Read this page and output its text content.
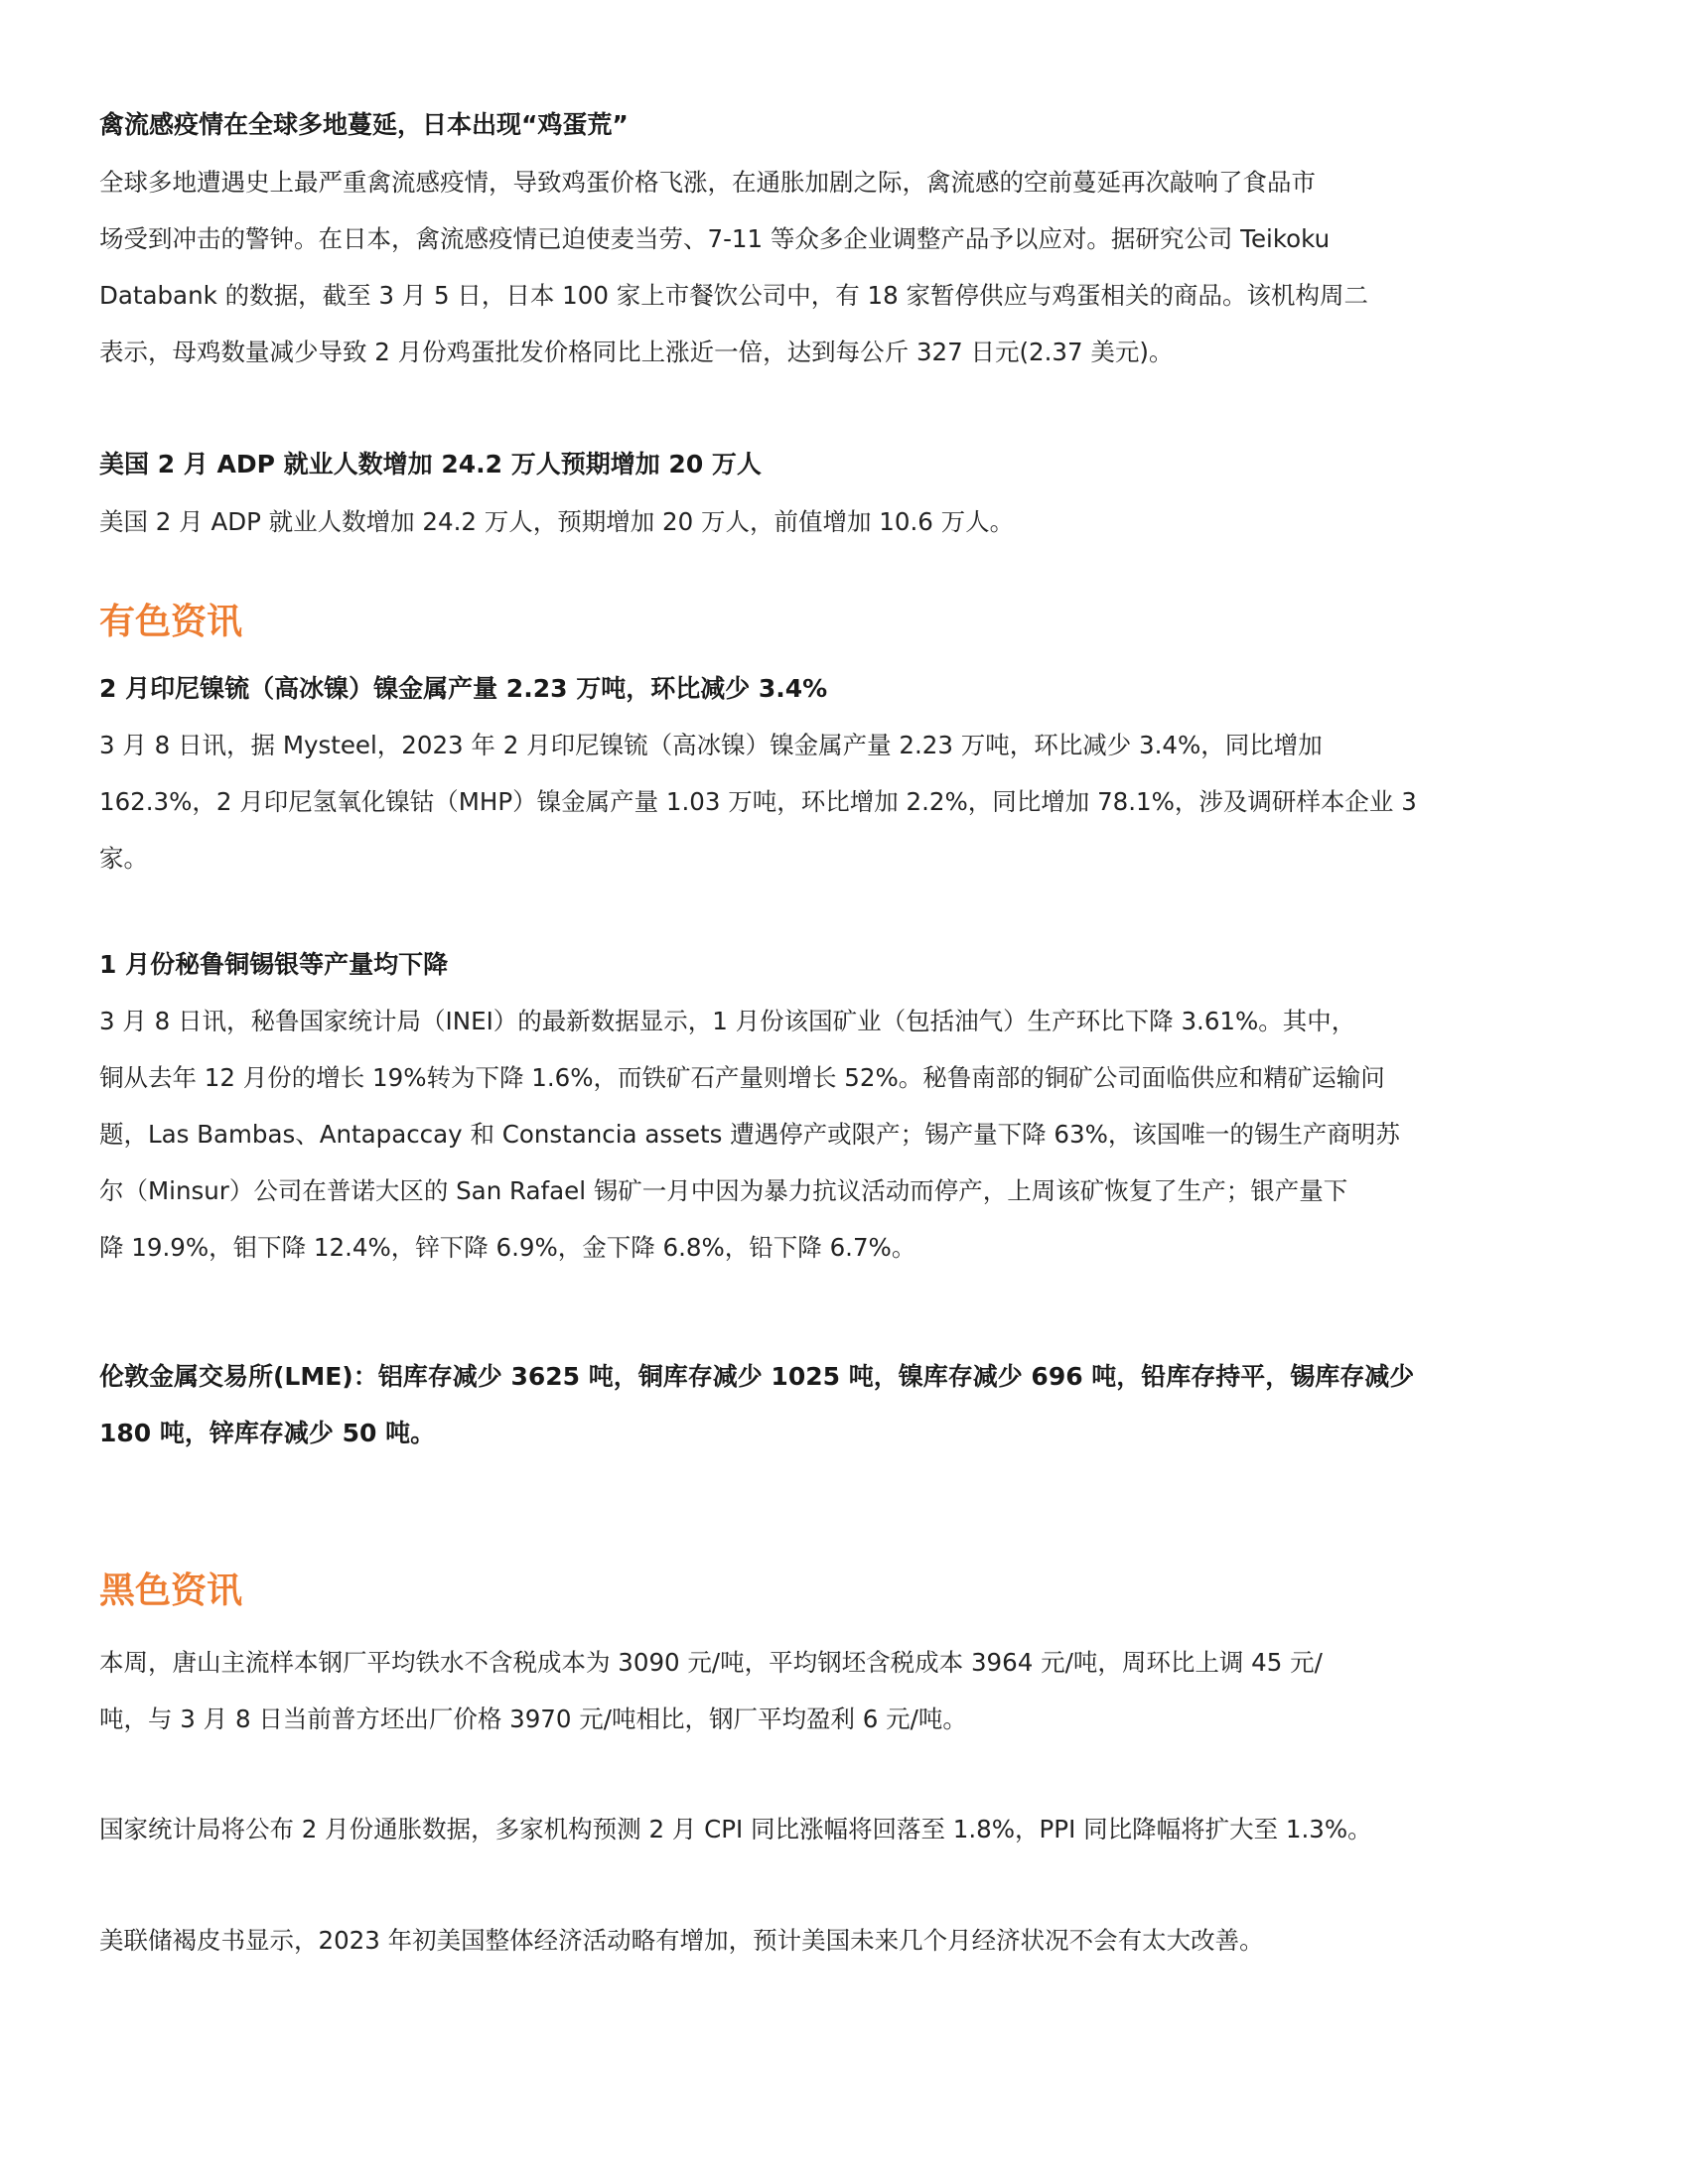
禽流感疫情在全球多地蔓延，日本出现“鸡蛋荒”
全球多地遭遇史上最严重禽流感疫情，导致鸡蛋价格飞涨，在通胀加剧之际，禽流感的空前蔓延再次敲响了食品市
场受到冲击的警钟。在日本，禽流感疫情已迫使麦当劳、7-11 等众多企业调整产品予以应对。据研究公司 Teikoku
Databank 的数据，截至 3 月 5 日，日本 100 家上市餐饮公司中，有 18 家暂停供应与鸡蛋相关的商品。该机构周二
表示，母鸡数量减少导致 2 月份鸡蛋批发价格同比上涨近一倍，达到每公斤 327 日元(2.37 美元)。
美国 2 月 ADP 就业人数增加 24.2 万人预期增加 20 万人
美国 2 月 ADP 就业人数增加 24.2 万人，预期增加 20 万人，前值增加 10.6 万人。
有色资讯
2 月印尼镍锍（高冰镍）镍金属产量 2.23 万吨，环比减少 3.4%
3 月 8 日讯，据 Mysteel，2023 年 2 月印尼镍锍（高冰镍）镍金属产量 2.23 万吨，环比减少 3.4%，同比增加
162.3%，2 月印尼氢氧化镍钴（MHP）镍金属产量 1.03 万吨，环比增加 2.2%，同比增加 78.1%，涉及调研样本企业 3
家。
1 月份秘鲁铜锡银等产量均下降
3 月 8 日讯，秘鲁国家统计局（INEI）的最新数据显示，1 月份该国矿业（包括油气）生产环比下降 3.61%。其中，
铜从去年 12 月份的增长 19%转为下降 1.6%，而铁矿石产量则增长 52%。秘鲁南部的铜矿公司面临供应和精矿运输问
题，Las Bambas、Antapaccay 和 Constancia assets 遭遇停产或限产；锡产量下降 63%，该国唯一的锡生产商明苏
尔（Minsur）公司在普诺大区的 San Rafael 锡矿一月中因为暴力抗议活动而停产，上周该矿恢复了生产；银产量下
降 19.9%，钼下降 12.4%，锌下降 6.9%，金下降 6.8%，铅下降 6.7%。
伦敦金属交易所(LME)：铝库存减少 3625 吨，铜库存减少 1025 吨，镍库存减少 696 吨，铅库存持平，锡库存减少
180 吨，锌库存减少 50 吨。
黑色资讯
本周，唐山主流样本钢厂平均铁水不含税成本为 3090 元/吨，平均钢坯含税成本 3964 元/吨，周环比上调 45 元/
吨，与 3 月 8 日当前普方坯出厂价格 3970 元/吨相比，钢厂平均盈利 6 元/吨。
国家统计局将公布 2 月份通胀数据，多家机构预测 2 月 CPI 同比涨幅将回落至 1.8%，PPI 同比降幅将扩大至 1.3%。
美联储褐皮书显示，2023 年初美国整体经济活动略有增加，预计美国未来几个月经济状况不会有太大改善。
